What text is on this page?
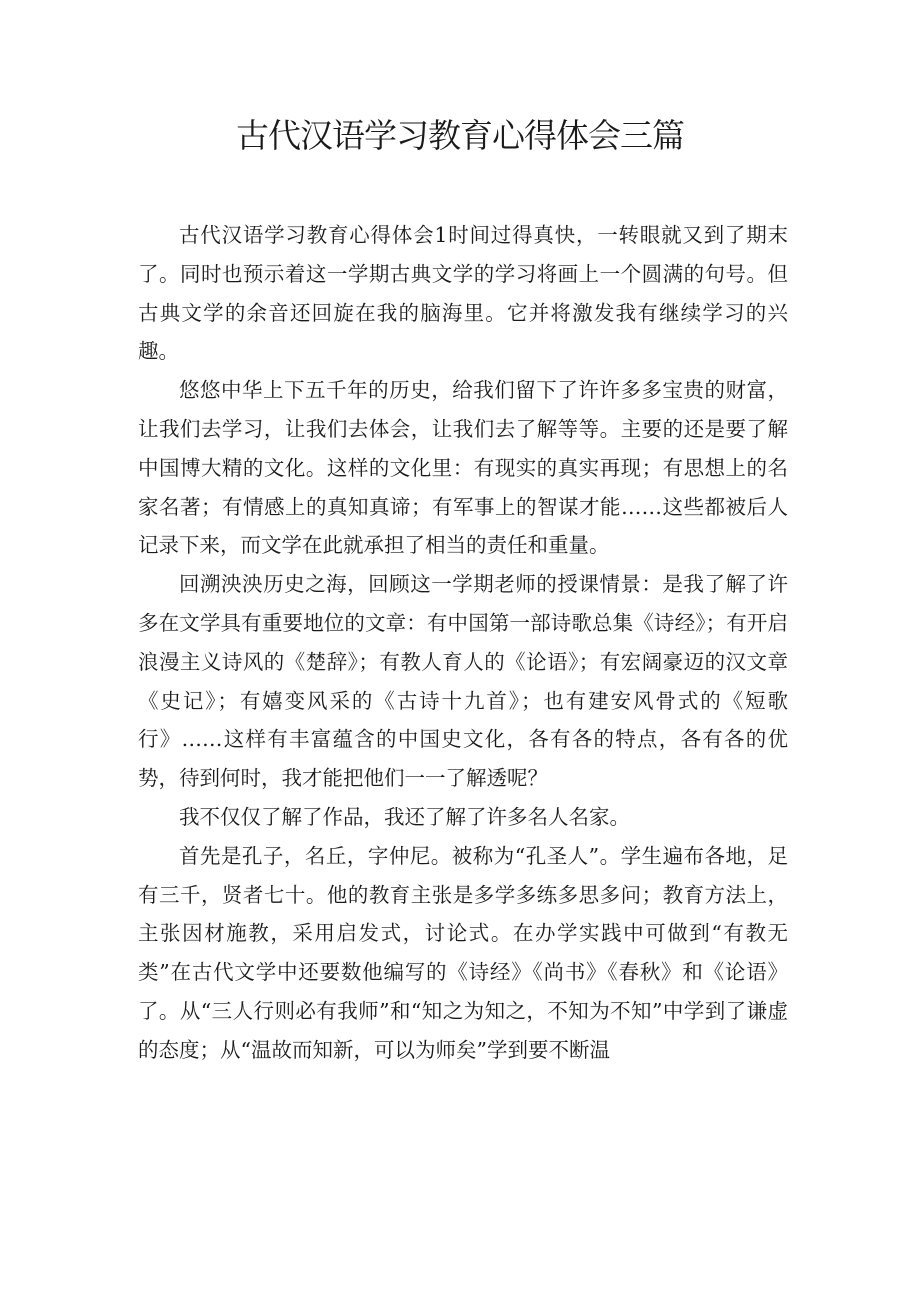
古代汉语学习教育心得体会三篇

古代汉语学习教育心得体会1时间过得真快，一转眼就又到了期末了。同时也预示着这一学期古典文学的学习将画上一个圆满的句号。但古典文学的余音还回旋在我的脑海里。它并将激发我有继续学习的兴趣。

悠悠中华上下五千年的历史，给我们留下了许许多多宝贵的财富，让我们去学习，让我们去体会，让我们去了解等等。主要的还是要了解中国博大精的文化。这样的文化里：有现实的真实再现；有思想上的名家名著；有情感上的真知真谛；有军事上的智谋才能……这些都被后人记录下来，而文学在此就承担了相当的责任和重量。

回溯泱泱历史之海，回顾这一学期老师的授课情景：是我了解了许多在文学具有重要地位的文章：有中国第一部诗歌总集《诗经》；有开启浪漫主义诗风的《楚辞》；有教人育人的《论语》；有宏阔豪迈的汉文章《史记》；有嬉变风采的《古诗十九首》；也有建安风骨式的《短歌行》……这样有丰富蕴含的中国史文化，各有各的特点，各有各的优势，待到何时，我才能把他们一一了解透呢？

我不仅仅了解了作品，我还了解了许多名人名家。

首先是孔子，名丘，字仲尼。被称为“孔圣人”。学生遍布各地，足有三千，贤者七十。他的教育主张是多学多练多思多问；教育方法上，主张因材施教，采用启发式，讨论式。在办学实践中可做到“有教无类”在古代文学中还要数他编写的《诗经》《尚书》《春秋》和《论语》了。从“三人行则必有我师”和“知之为知之，不知为不知”中学到了谦虚的态度；从“温故而知新，可以为师矣”学到要不断温
